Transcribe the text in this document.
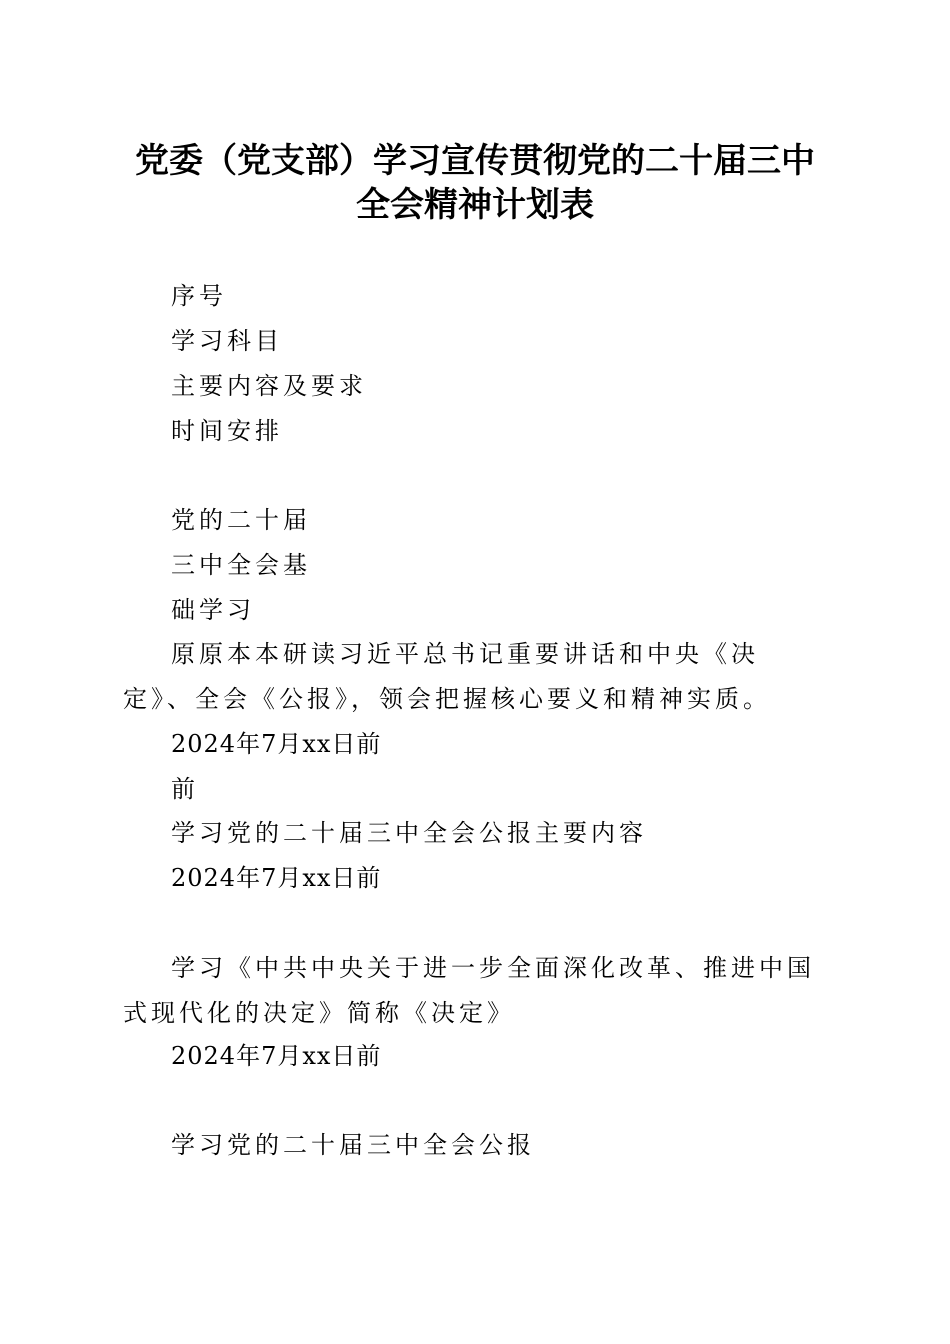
党委（党支部）学习宣传贯彻党的二十届三中
全会精神计划表
序号
学习科目
主要内容及要求
时间安排
党的二十届
三中全会基
础学习
原原本本研读习近平总书记重要讲话和中央《决定》、全会《公报》，领会把握核心要义和精神实质。
2024年7月xx日前
前
学习党的二十届三中全会公报主要内容
2024年7月xx日前
学习《中共中央关于进一步全面深化改革、推进中国式现代化的决定》简称《决定》
2024年7月xx日前
学习党的二十届三中全会公报
